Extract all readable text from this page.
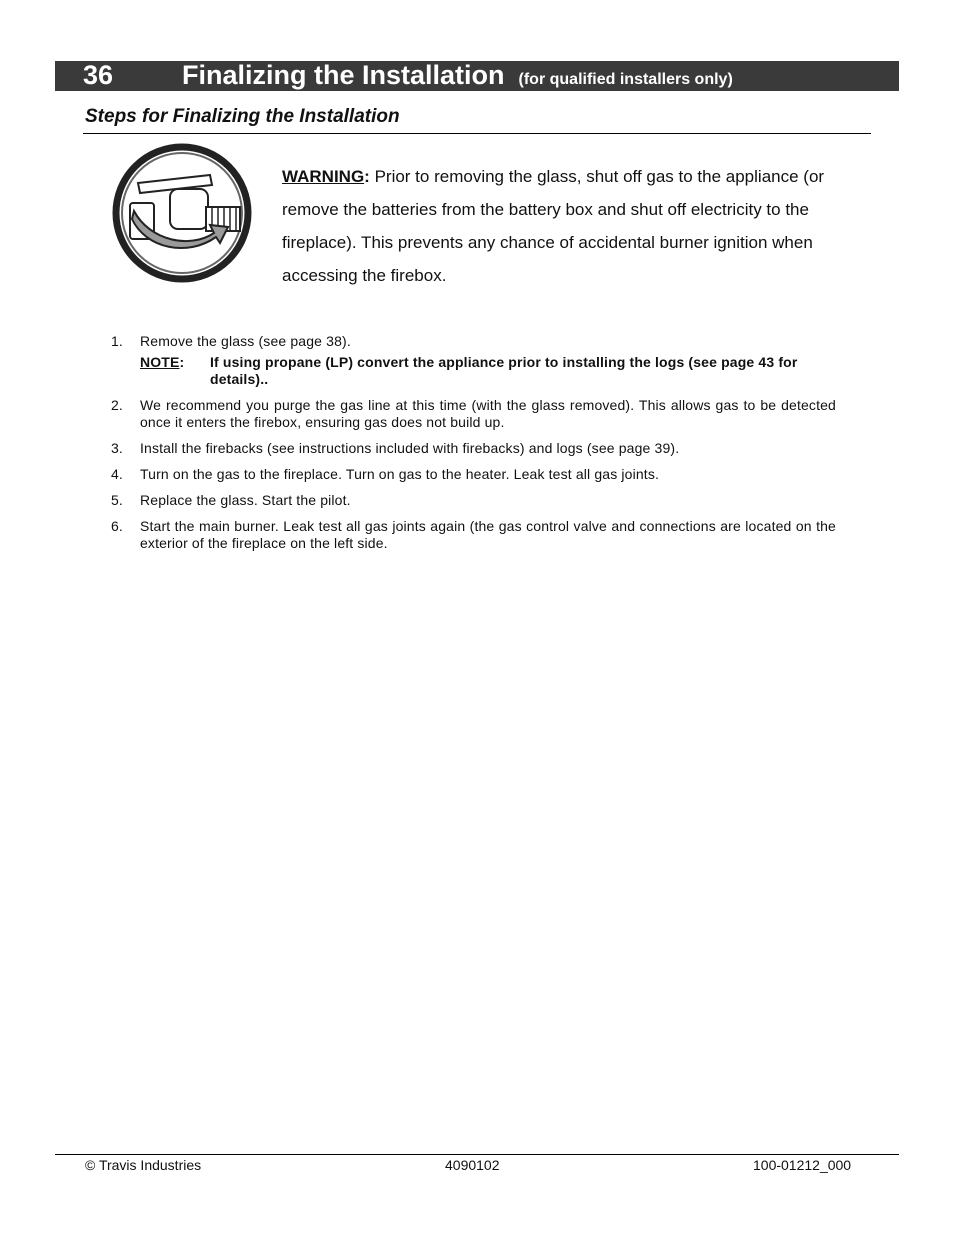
36	Finalizing the Installation (for qualified installers only)
Steps for Finalizing the Installation
WARNING: Prior to removing the glass, shut off gas to the appliance (or remove the batteries from the battery box and shut off electricity to the fireplace). This prevents any chance of accidental burner ignition when accessing the firebox.
1. Remove the glass (see page 38).
NOTE: If using propane (LP) convert the appliance prior to installing the logs (see page 43 for details)..
2. We recommend you purge the gas line at this time (with the glass removed). This allows gas to be detected once it enters the firebox, ensuring gas does not build up.
3. Install the firebacks (see instructions included with firebacks) and logs (see page 39).
4. Turn on the gas to the fireplace. Turn on gas to the heater. Leak test all gas joints.
5. Replace the glass. Start the pilot.
6. Start the main burner. Leak test all gas joints again (the gas control valve and connections are located on the exterior of the fireplace on the left side.
© Travis Industries	4090102	100-01212_000
